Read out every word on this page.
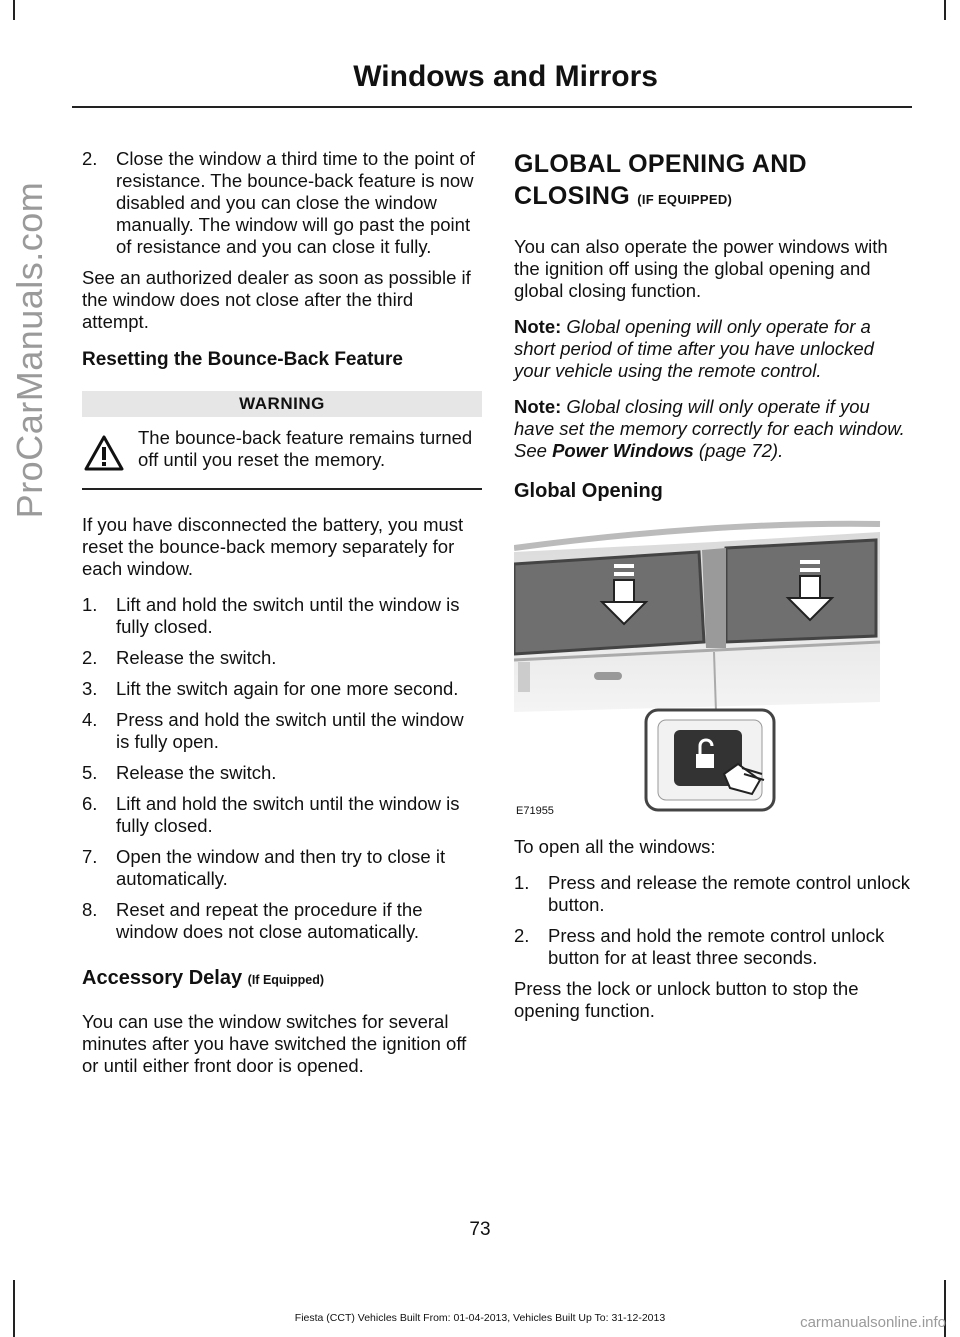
ProCarManuals.com
Windows and Mirrors
2.	Close the window a third time to the point of resistance. The bounce-back feature is now disabled and you can close the window manually. The window will go past the point of resistance and you can close it fully.

See an authorized dealer as soon as possible if the window does not close after the third attempt.

Resetting the Bounce-Back Feature
WARNING
The bounce-back feature remains turned off until you reset the memory.

If you have disconnected the battery, you must reset the bounce-back memory separately for each window.

1.	Lift and hold the switch until the window is fully closed.
2.	Release the switch.
3.	Lift the switch again for one more second.
4.	Press and hold the switch until the window is fully open.
5.	Release the switch.
6.	Lift and hold the switch until the window is fully closed.
7.	Open the window and then try to close it automatically.
8.	Reset and repeat the procedure if the window does not close automatically.
Accessory Delay (If Equipped)

You can use the window switches for several minutes after you have switched the ignition off or until either front door is opened.

GLOBAL OPENING AND
CLOSING (IF EQUIPPED)

You can also operate the power windows with the ignition off using the global opening and global closing function.

Note: Global opening will only operate for a short period of time after you have unlocked your vehicle using the remote control.

Note: Global closing will only operate if you have set the memory correctly for each window. See Power Windows (page 72).

Global Opening
E71955

To open all the windows:

1.	Press and release the remote control unlock button.
2.	Press and hold the remote control unlock button for at least three seconds.

Press the lock or unlock button to stop the opening function.

73
Fiesta (CCT) Vehicles Built From: 01-04-2013, Vehicles Built Up To: 31-12-2013	carmanualsonline.info
